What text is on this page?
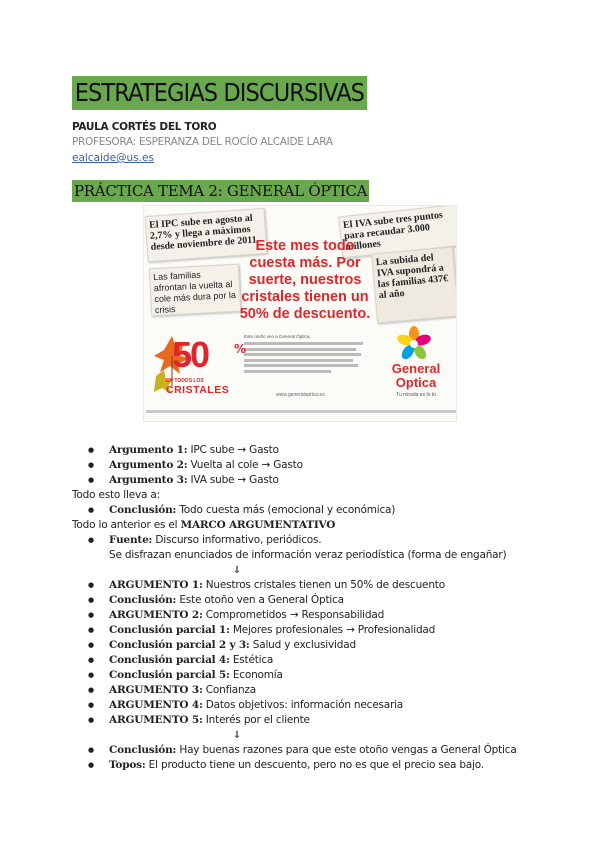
ESTRATEGIAS DISCURSIVAS
PAULA CORTÉS DEL TORO
PROFESORA: ESPERANZA DEL ROCÍO ALCAIDE LARA
ealcaide@us.es
PRÁCTICA TEMA 2: GENERAL ÓPTICA
El IPC sube en agosto al 2,7% y llega a máximos desde noviembre de 2011
El IVA sube tres puntos para recaudar 3.000 millones
La subida del IVA supondrá a las familias 437€ al año
Las familias afrontan la vuelta al cole más dura por la crisis
Este mes todo cuesta más. Por suerte, nuestros cristales tienen un 50% de descuento.
Este otoño ven a General Óptica,
www.generaloptica.es
50 %
EN TODOS LOS
CRISTALES
General
Optica
Tu mirada es lo tú
● Argumento 1: IPC sube → Gasto
● Argumento 2: Vuelta al cole → Gasto
● Argumento 3: IVA sube → Gasto
Todo esto lleva a:
● Conclusión: Todo cuesta más (emocional y económica)
Todo lo anterior es el MARCO ARGUMENTATIVO
● Fuente: Discurso informativo, periódicos.
Se disfrazan enunciados de información veraz periodística (forma de engañar)
⇓
● ARGUMENTO 1: Nuestros cristales tienen un 50% de descuento
● Conclusión: Este otoño ven a General Óptica
● ARGUMENTO 2: Comprometidos → Responsabilidad
● Conclusión parcial 1: Mejores profesionales → Profesionalidad
● Conclusión parcial 2 y 3: Salud y exclusividad
● Conclusión parcial 4: Estética
● Conclusión parcial 5: Economía
● ARGUMENTO 3: Confianza
● ARGUMENTO 4: Datos objetivos: información necesaria
● ARGUMENTO 5: Interés por el cliente
⇓
● Conclusión: Hay buenas razones para que este otoño vengas a General Óptica
● Topos: El producto tiene un descuento, pero no es que el precio sea bajo.
